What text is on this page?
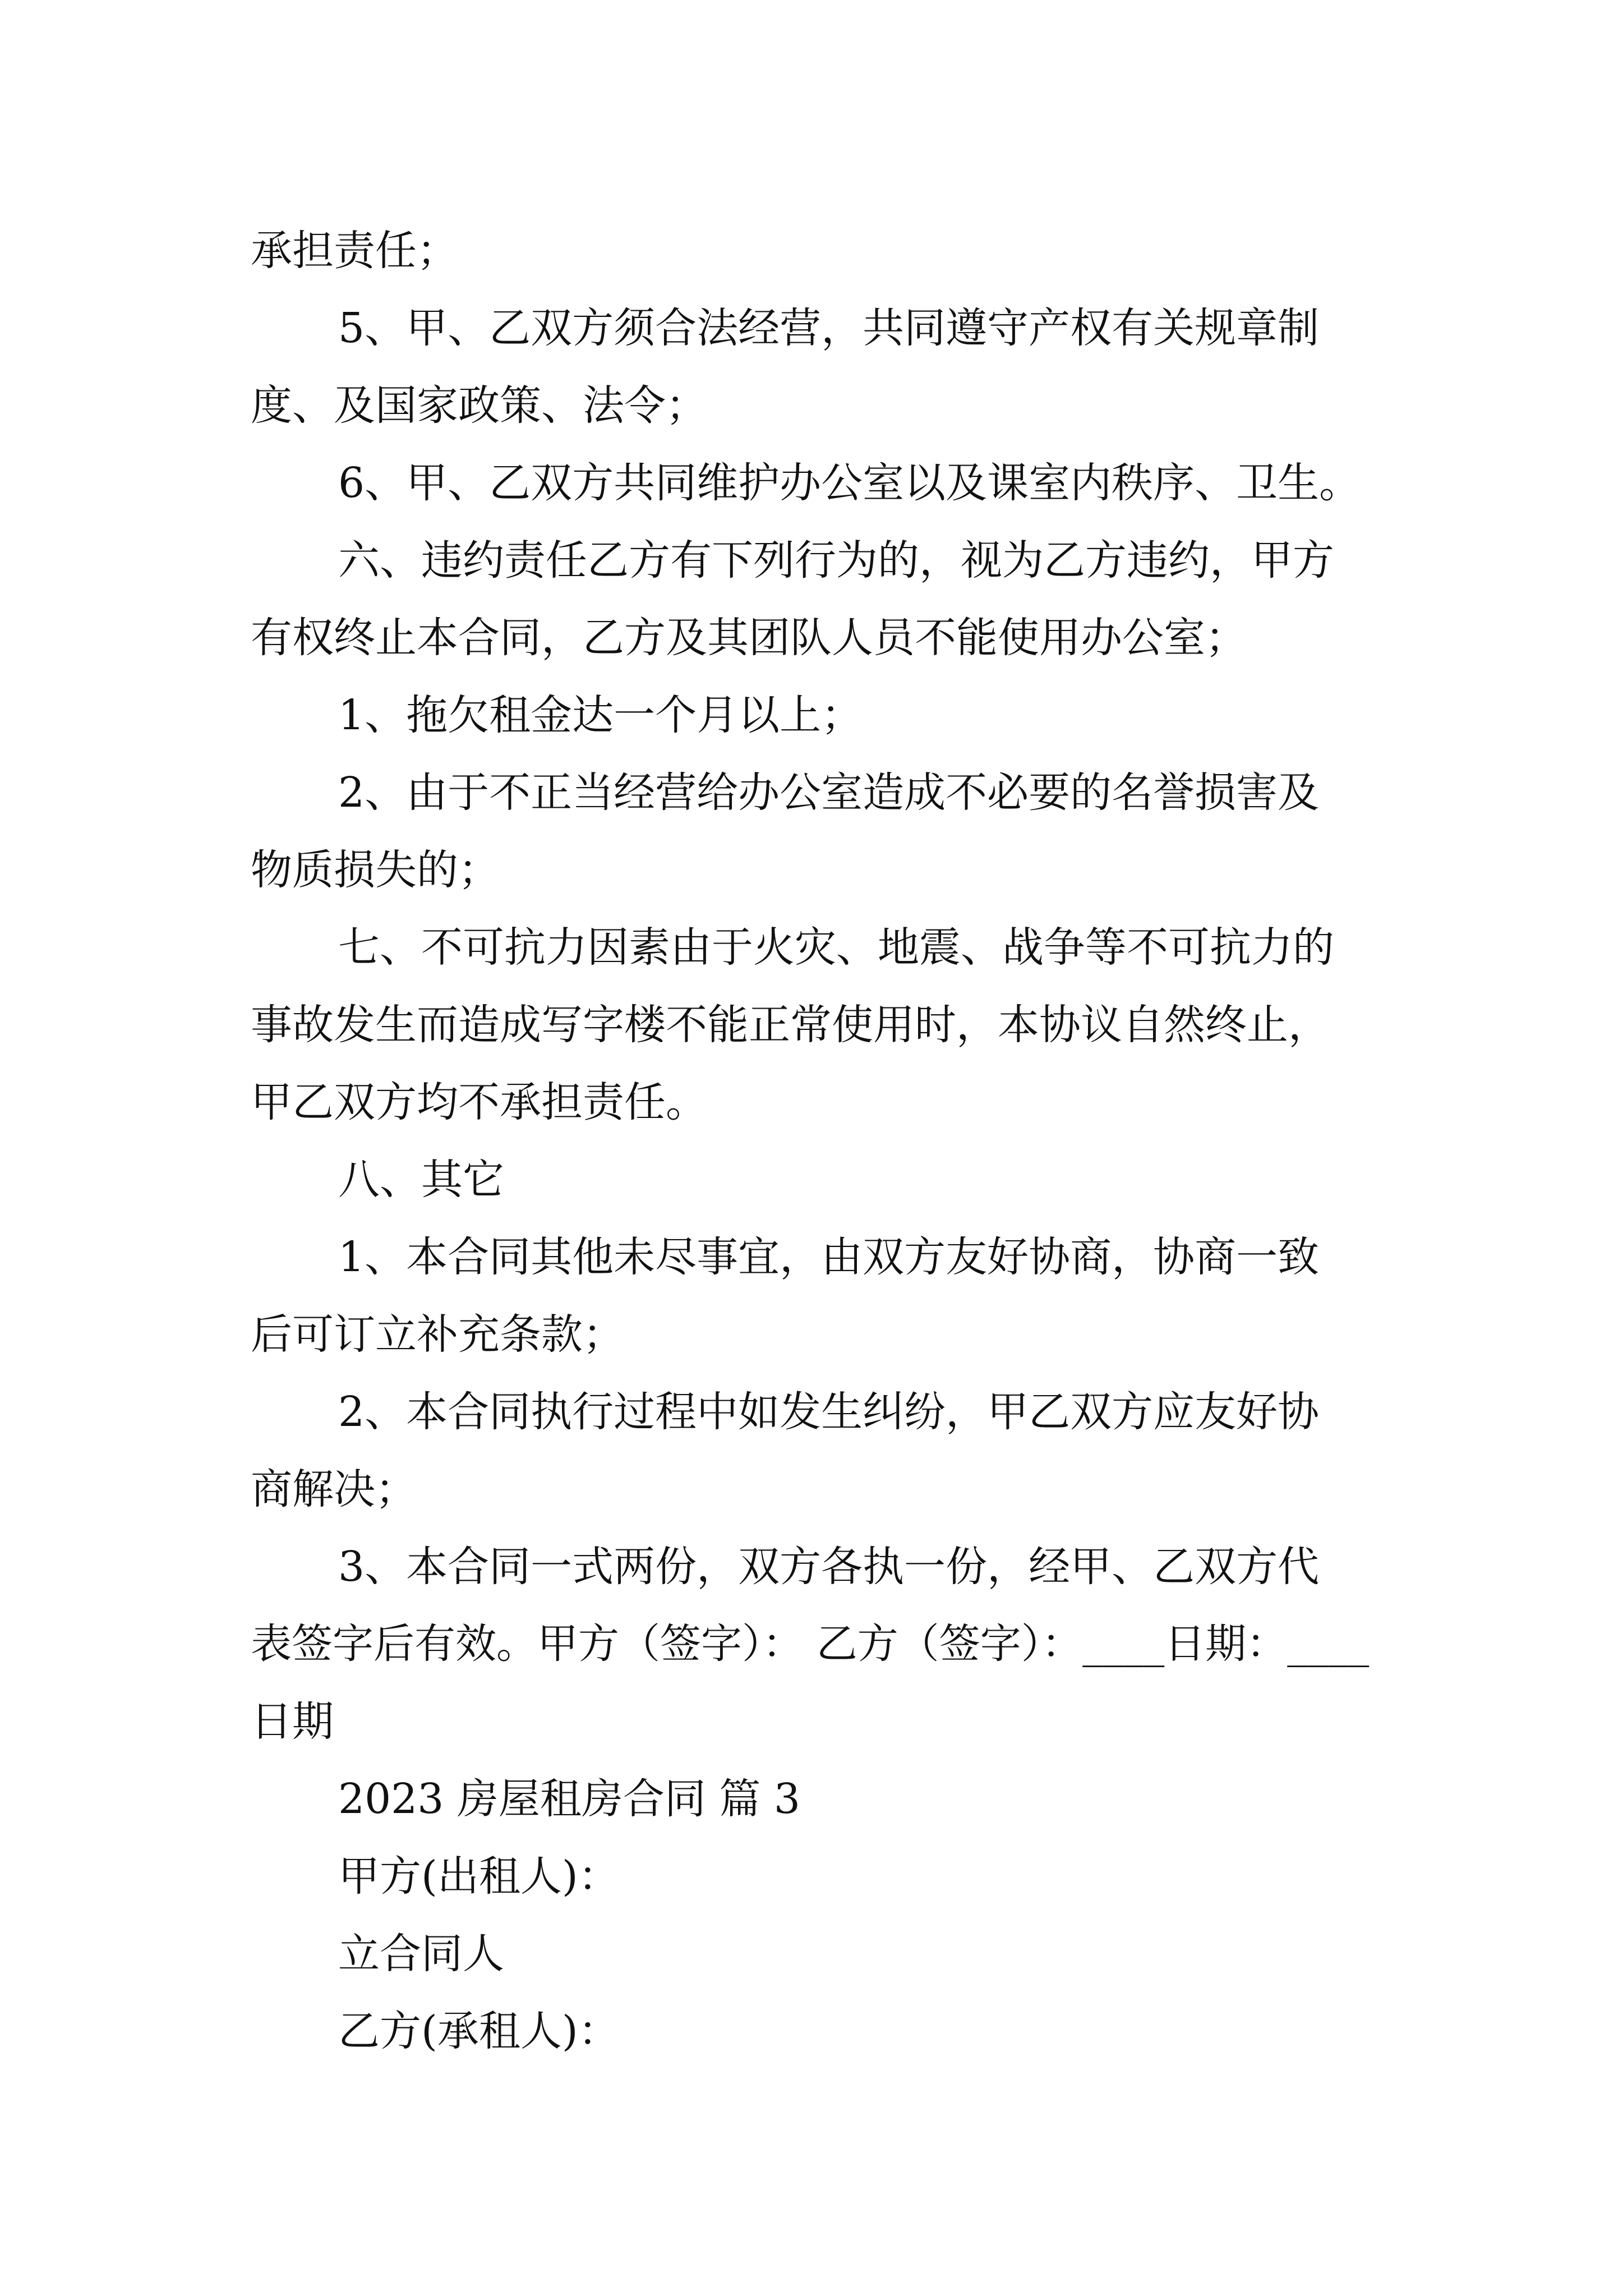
承担责任；

5、甲、乙双方须合法经营，共同遵守产权有关规章制

度、及国家政策、法令；

6、甲、乙双方共同维护办公室以及课室内秩序、卫生。

六、违约责任乙方有下列行为的，视为乙方违约，甲方

有权终止本合同，乙方及其团队人员不能使用办公室；

1、拖欠租金达一个月以上；

2、由于不正当经营给办公室造成不必要的名誉损害及

物质损失的；

七、不可抗力因素由于火灾、地震、战争等不可抗力的

事故发生而造成写字楼不能正常使用时，本协议自然终止，

甲乙双方均不承担责任。

八、其它

1、本合同其他未尽事宜，由双方友好协商，协商一致

后可订立补充条款；

2、本合同执行过程中如发生纠纷，甲乙双方应友好协

商解决；

3、本合同一式两份，双方各执一份，经甲、乙双方代

表签字后有效。甲方（签字）： 乙方（签字）：____日期：____

日期

2023 房屋租房合同 篇 3

甲方(出租人)：

立合同人

乙方(承租人)：
